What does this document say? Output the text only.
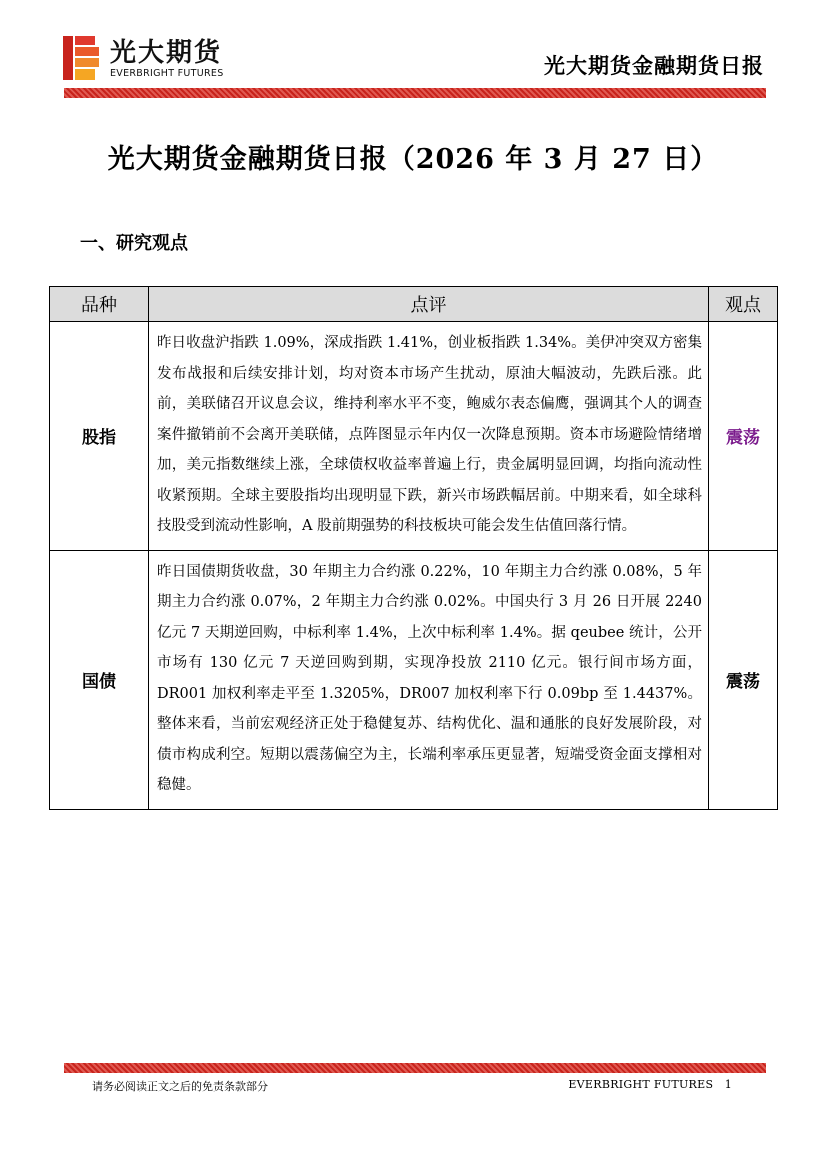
光大期货
EVERBRIGHT FUTURES	光大期货金融期货日报
光大期货金融期货日报（2026 年 3 月 27 日）
一、研究观点
品种	点评	观点
股指	昨日收盘沪指跌 1.09%，深成指跌 1.41%，创业板指跌 1.34%。美伊冲突双方密集发布战报和后续安排计划，均对资本市场产生扰动，原油大幅波动，先跌后涨。此前，美联储召开议息会议，维持利率水平不变，鲍威尔表态偏鹰，强调其个人的调查案件撤销前不会离开美联储，点阵图显示年内仅一次降息预期。资本市场避险情绪增加，美元指数继续上涨，全球债权收益率普遍上行，贵金属明显回调，均指向流动性收紧预期。全球主要股指均出现明显下跌，新兴市场跌幅居前。中期来看，如全球科技股受到流动性影响，A 股前期强势的科技板块可能会发生估值回落行情。	震荡
国债	昨日国债期货收盘，30 年期主力合约涨 0.22%，10 年期主力合约涨 0.08%，5 年期主力合约涨 0.07%，2 年期主力合约涨 0.02%。中国央行 3 月 26 日开展 2240 亿元 7 天期逆回购，中标利率 1.4%，上次中标利率 1.4%。据 qeubee 统计，公开市场有 130 亿元 7 天逆回购到期，实现净投放 2110 亿元。银行间市场方面，DR001 加权利率走平至 1.3205%，DR007 加权利率下行 0.09bp 至 1.4437%。整体来看，当前宏观经济正处于稳健复苏、结构优化、温和通胀的良好发展阶段，对债市构成利空。短期以震荡偏空为主，长端利率承压更显著，短端受资金面支撑相对稳健。	震荡
请务必阅读正文之后的免责条款部分	EVERBRIGHT FUTURES 1
